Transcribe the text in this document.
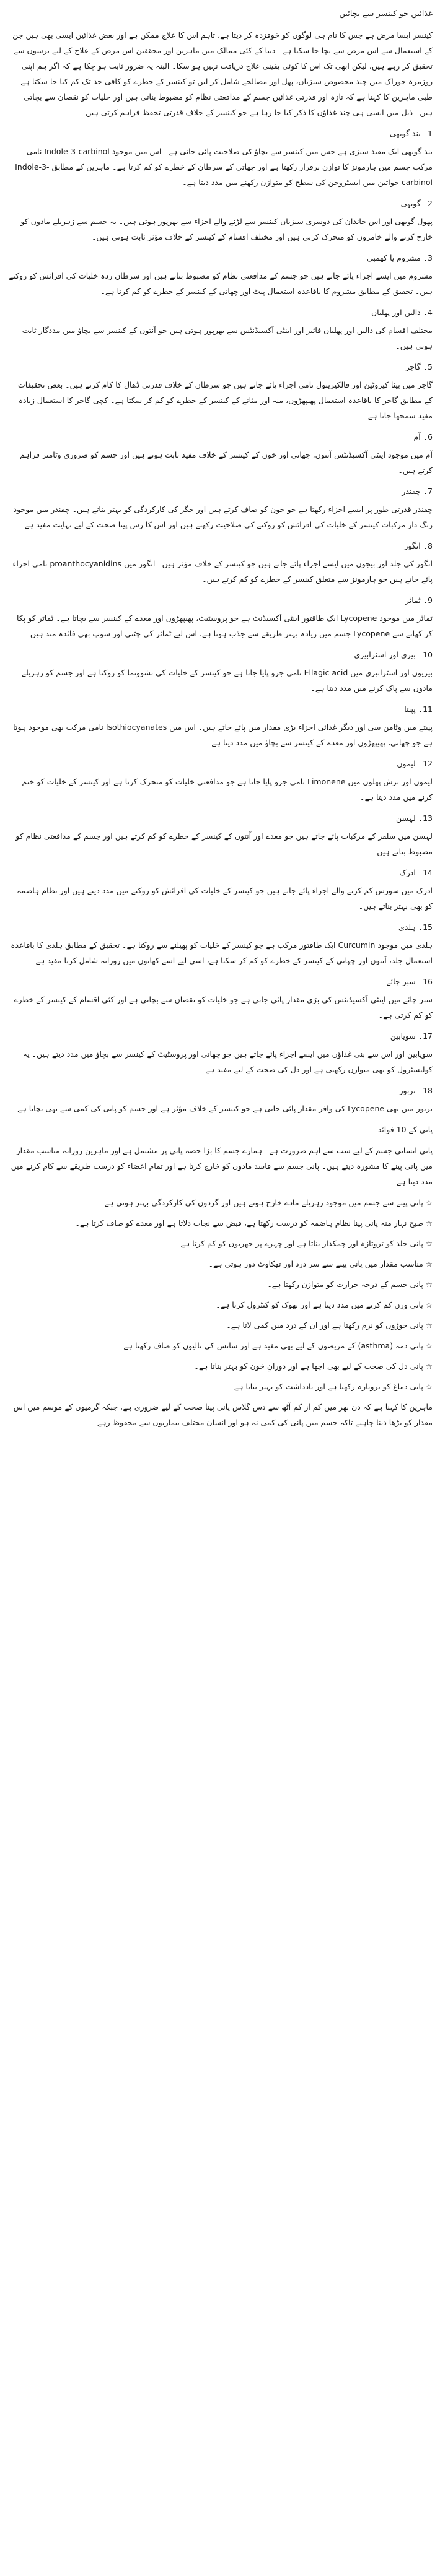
غذائیں جو کینسر سے بچائیں
کینسر ایسا مرض ہے جس کا نام ہی لوگوں کو خوفزدہ کر دیتا ہے، تاہم اس کا علاج ممکن ہے اور بعض غذائیں ایسی بھی ہیں جن کے استعمال سے اس مرض سے بچا جا سکتا ہے۔ دنیا کے کئی ممالک میں ماہرین اور محققین اس مرض کے علاج کے لیے برسوں سے تحقیق کر رہے ہیں، لیکن ابھی تک اس کا کوئی یقینی علاج دریافت نہیں ہو سکا۔ البتہ یہ ضرور ثابت ہو چکا ہے کہ اگر ہم اپنی روزمرہ خوراک میں چند مخصوص سبزیاں، پھل اور مصالحے شامل کر لیں تو کینسر کے خطرے کو کافی حد تک کم کیا جا سکتا ہے۔ طبی ماہرین کا کہنا ہے کہ تازہ اور قدرتی غذائیں جسم کے مدافعتی نظام کو مضبوط بناتی ہیں اور خلیات کو نقصان سے بچاتی ہیں۔ ذیل میں ایسی ہی چند غذاؤں کا ذکر کیا جا رہا ہے جو کینسر کے خلاف قدرتی تحفظ فراہم کرتی ہیں۔
1۔ بند گوبھی
بند گوبھی ایک مفید سبزی ہے جس میں کینسر سے بچاؤ کی صلاحیت پائی جاتی ہے۔ اس میں موجود Indole-3-carbinol نامی مرکب جسم میں ہارمونز کا توازن برقرار رکھتا ہے اور چھاتی کے سرطان کے خطرے کو کم کرتا ہے۔ ماہرین کے مطابق Indole-3-carbinol خواتین میں ایسٹروجن کی سطح کو متوازن رکھنے میں مدد دیتا ہے۔
2۔ گوبھی
پھول گوبھی اور اس خاندان کی دوسری سبزیاں کینسر سے لڑنے والے اجزاء سے بھرپور ہوتی ہیں۔ یہ جسم سے زہریلے مادوں کو خارج کرنے والے خامروں کو متحرک کرتی ہیں اور مختلف اقسام کے کینسر کے خلاف مؤثر ثابت ہوتی ہیں۔
3۔ مشروم یا کھمبی
مشروم میں ایسے اجزاء پائے جاتے ہیں جو جسم کے مدافعتی نظام کو مضبوط بناتے ہیں اور سرطان زدہ خلیات کی افزائش کو روکتے ہیں۔ تحقیق کے مطابق مشروم کا باقاعدہ استعمال پیٹ اور چھاتی کے کینسر کے خطرے کو کم کرتا ہے۔
4۔ دالیں اور پھلیاں
مختلف اقسام کی دالیں اور پھلیاں فائبر اور اینٹی آکسیڈنٹس سے بھرپور ہوتی ہیں جو آنتوں کے کینسر سے بچاؤ میں مددگار ثابت ہوتی ہیں۔
5۔ گاجر
گاجر میں بیٹا کیروٹین اور فالکیرینول نامی اجزاء پائے جاتے ہیں جو سرطان کے خلاف قدرتی ڈھال کا کام کرتے ہیں۔ بعض تحقیقات کے مطابق گاجر کا باقاعدہ استعمال پھیپھڑوں، منہ اور مثانے کے کینسر کے خطرے کو کم کر سکتا ہے۔ کچی گاجر کا استعمال زیادہ مفید سمجھا جاتا ہے۔
6۔ آم
آم میں موجود اینٹی آکسیڈنٹس آنتوں، چھاتی اور خون کے کینسر کے خلاف مفید ثابت ہوتے ہیں اور جسم کو ضروری وٹامنز فراہم کرتے ہیں۔
7۔ چقندر
چقندر قدرتی طور پر ایسے اجزاء رکھتا ہے جو خون کو صاف کرتے ہیں اور جگر کی کارکردگی کو بہتر بناتے ہیں۔ چقندر میں موجود رنگ دار مرکبات کینسر کے خلیات کی افزائش کو روکنے کی صلاحیت رکھتے ہیں اور اس کا رس پینا صحت کے لیے نہایت مفید ہے۔
8۔ انگور
انگور کی جلد اور بیجوں میں ایسے اجزاء پائے جاتے ہیں جو کینسر کے خلاف مؤثر ہیں۔ انگور میں proanthocyanidins نامی اجزاء پائے جاتے ہیں جو ہارمونز سے متعلق کینسر کے خطرے کو کم کرتے ہیں۔
9۔ ٹماٹر
ٹماٹر میں موجود Lycopene ایک طاقتور اینٹی آکسیڈنٹ ہے جو پروسٹیٹ، پھیپھڑوں اور معدے کے کینسر سے بچاتا ہے۔ ٹماٹر کو پکا کر کھانے سے Lycopene جسم میں زیادہ بہتر طریقے سے جذب ہوتا ہے، اس لیے ٹماٹر کی چٹنی اور سوپ بھی فائدہ مند ہیں۔
10۔ بیری اور اسٹرابیری
بیریوں اور اسٹرابیری میں Ellagic acid نامی جزو پایا جاتا ہے جو کینسر کے خلیات کی نشوونما کو روکتا ہے اور جسم کو زہریلے مادوں سے پاک کرنے میں مدد دیتا ہے۔
11۔ پپیتا
پپیتے میں وٹامن سی اور دیگر غذائی اجزاء بڑی مقدار میں پائے جاتے ہیں۔ اس میں Isothiocyanates نامی مرکب بھی موجود ہوتا ہے جو چھاتی، پھیپھڑوں اور معدے کے کینسر سے بچاؤ میں مدد دیتا ہے۔
12۔ لیموں
لیموں اور ترش پھلوں میں Limonene نامی جزو پایا جاتا ہے جو مدافعتی خلیات کو متحرک کرتا ہے اور کینسر کے خلیات کو ختم کرنے میں مدد دیتا ہے۔
13۔ لہسن
لہسن میں سلفر کے مرکبات پائے جاتے ہیں جو معدے اور آنتوں کے کینسر کے خطرے کو کم کرتے ہیں اور جسم کے مدافعتی نظام کو مضبوط بناتے ہیں۔
14۔ ادرک
ادرک میں سوزش کم کرنے والے اجزاء پائے جاتے ہیں جو کینسر کے خلیات کی افزائش کو روکنے میں مدد دیتے ہیں اور نظام ہاضمہ کو بھی بہتر بناتے ہیں۔
15۔ ہلدی
ہلدی میں موجود Curcumin ایک طاقتور مرکب ہے جو کینسر کے خلیات کو پھیلنے سے روکتا ہے۔ تحقیق کے مطابق ہلدی کا باقاعدہ استعمال جلد، آنتوں اور چھاتی کے کینسر کے خطرے کو کم کر سکتا ہے، اسی لیے اسے کھانوں میں روزانہ شامل کرنا مفید ہے۔
16۔ سبز چائے
سبز چائے میں اینٹی آکسیڈنٹس کی بڑی مقدار پائی جاتی ہے جو خلیات کو نقصان سے بچاتی ہے اور کئی اقسام کے کینسر کے خطرے کو کم کرتی ہے۔
17۔ سویابین
سویابین اور اس سے بنی غذاؤں میں ایسے اجزاء پائے جاتے ہیں جو چھاتی اور پروسٹیٹ کے کینسر سے بچاؤ میں مدد دیتے ہیں۔ یہ کولیسٹرول کو بھی متوازن رکھتی ہے اور دل کی صحت کے لیے مفید ہے۔
18۔ تربوز
تربوز میں بھی Lycopene کی وافر مقدار پائی جاتی ہے جو کینسر کے خلاف مؤثر ہے اور جسم کو پانی کی کمی سے بھی بچاتا ہے۔
پانی کے 10 فوائد
پانی انسانی جسم کے لیے سب سے اہم ضرورت ہے۔ ہمارے جسم کا بڑا حصہ پانی پر مشتمل ہے اور ماہرین روزانہ مناسب مقدار میں پانی پینے کا مشورہ دیتے ہیں۔ پانی جسم سے فاسد مادوں کو خارج کرتا ہے اور تمام اعضاء کو درست طریقے سے کام کرنے میں مدد دیتا ہے۔
☆ پانی پینے سے جسم میں موجود زہریلے مادے خارج ہوتے ہیں اور گردوں کی کارکردگی بہتر ہوتی ہے۔
☆ صبح نہار منہ پانی پینا نظام ہاضمہ کو درست رکھتا ہے، قبض سے نجات دلاتا ہے اور معدے کو صاف کرتا ہے۔
☆ پانی جلد کو تروتازہ اور چمکدار بناتا ہے اور چہرے پر جھریوں کو کم کرتا ہے۔
☆ مناسب مقدار میں پانی پینے سے سر درد اور تھکاوٹ دور ہوتی ہے۔
☆ پانی جسم کے درجہ حرارت کو متوازن رکھتا ہے۔
☆ پانی وزن کم کرنے میں مدد دیتا ہے اور بھوک کو کنٹرول کرتا ہے۔
☆ پانی جوڑوں کو نرم رکھتا ہے اور ان کے درد میں کمی لاتا ہے۔
☆ پانی دمہ (asthma) کے مریضوں کے لیے بھی مفید ہے اور سانس کی نالیوں کو صاف رکھتا ہے۔
☆ پانی دل کی صحت کے لیے بھی اچھا ہے اور دورانِ خون کو بہتر بناتا ہے۔
☆ پانی دماغ کو تروتازہ رکھتا ہے اور یادداشت کو بہتر بناتا ہے۔
ماہرین کا کہنا ہے کہ دن بھر میں کم از کم آٹھ سے دس گلاس پانی پینا صحت کے لیے ضروری ہے، جبکہ گرمیوں کے موسم میں اس مقدار کو بڑھا دینا چاہیے تاکہ جسم میں پانی کی کمی نہ ہو اور انسان مختلف بیماریوں سے محفوظ رہے۔
